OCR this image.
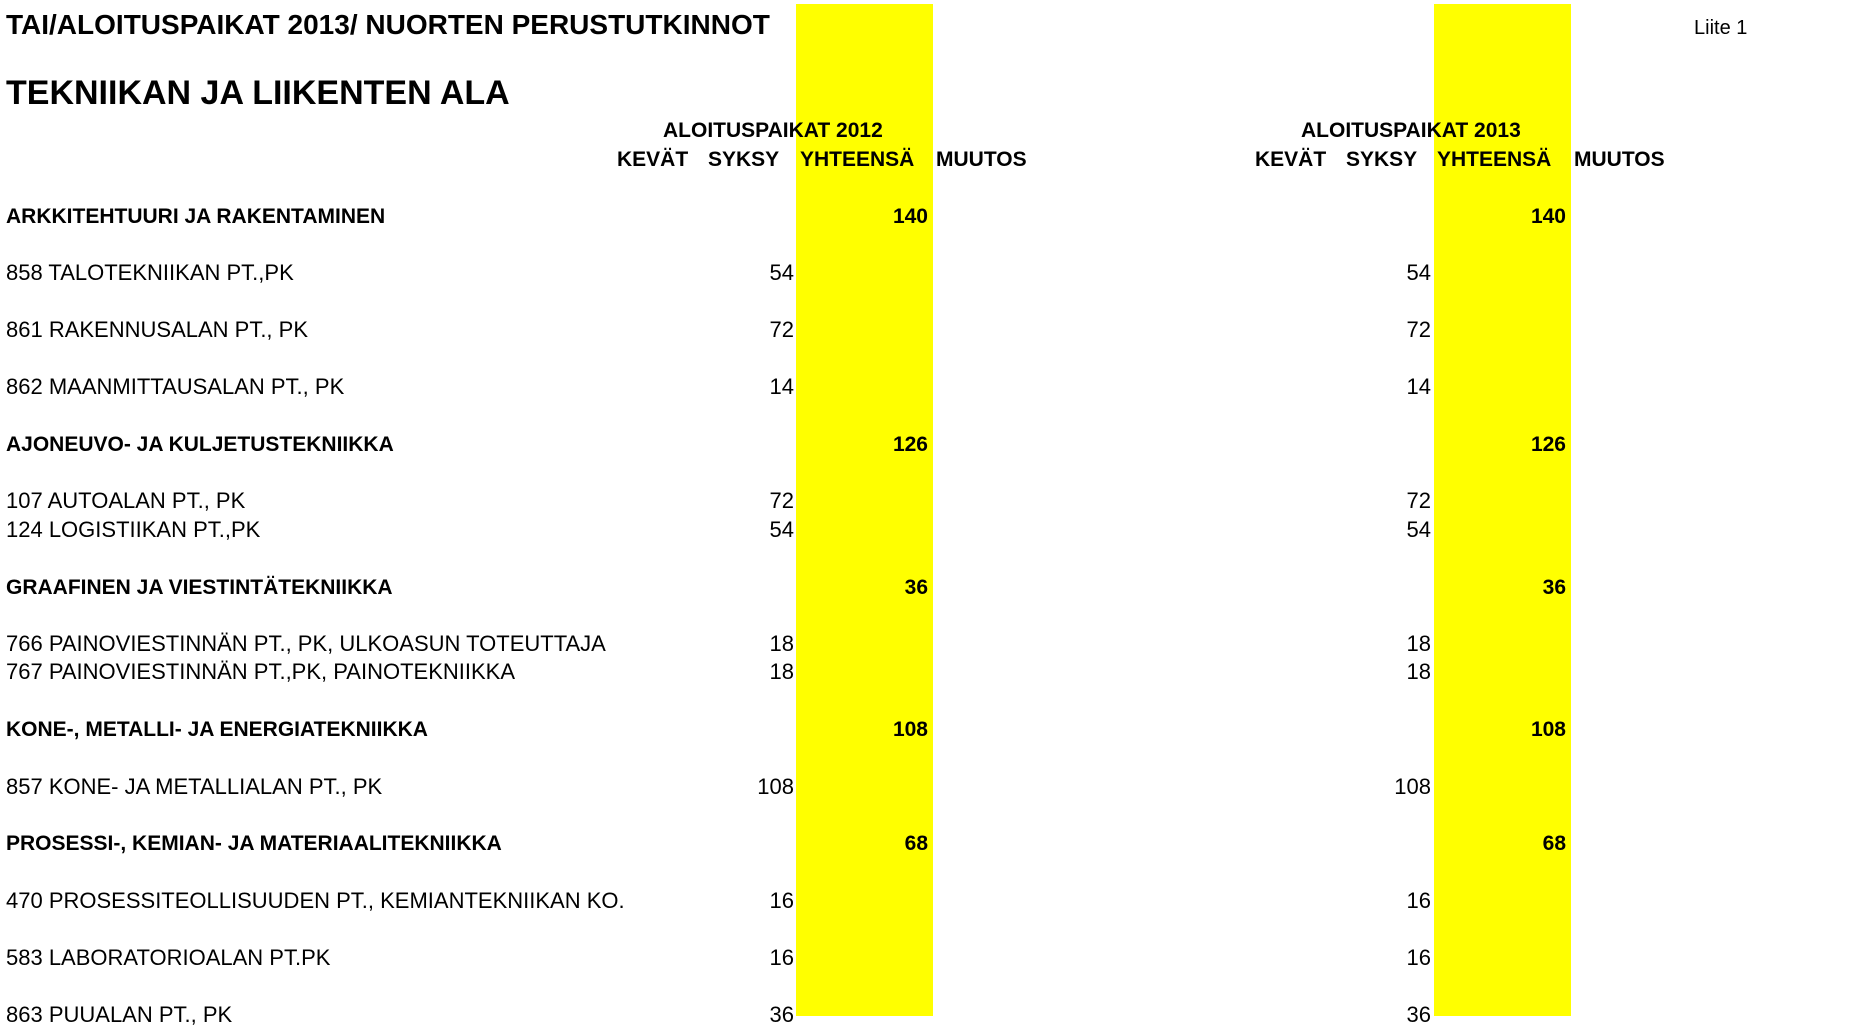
TAI/ALOITUSPAIKAT 2013/ NUORTEN PERUSTUTKINNOT	Liite 1
TEKNIIKAN JA LIIKENTEN ALA
ALOITUSPAIKAT 2012
KEVÄT SYKSY YHTEENSÄ MUUTOS
ALOITUSPAIKAT 2013
KEVÄT SYKSY YHTEENSÄ MUUTOS
ARKKITEHTUURI JA RAKENTAMINEN	140	140
858 TALOTEKNIIKAN PT.,PK	54	54
861 RAKENNUSALAN PT., PK	72	72
862 MAANMITTAUSALAN PT., PK	14	14
AJONEUVO- JA KULJETUSTEKNIIKKA	126	126
107 AUTOALAN PT., PK	72	72
124 LOGISTIIKAN PT.,PK	54	54
GRAAFINEN JA VIESTINTÄTEKNIIKKA	36	36
766 PAINOVIESTINNÄN PT., PK, ULKOASUN TOTEUTTAJA	18	18
767 PAINOVIESTINNÄN PT.,PK, PAINOTEKNIIKKA	18	18
KONE-, METALLI- JA ENERGIATEKNIIKKA	108	108
857 KONE- JA METALLIALAN PT., PK	108	108
PROSESSI-, KEMIAN- JA MATERIAALITEKNIIKKA	68	68
470 PROSESSITEOLLISUUDEN PT., KEMIANTEKNIIKAN KO.	16	16
583 LABORATORIOALAN PT.PK	16	16
863 PUUALAN PT., PK	36	36
